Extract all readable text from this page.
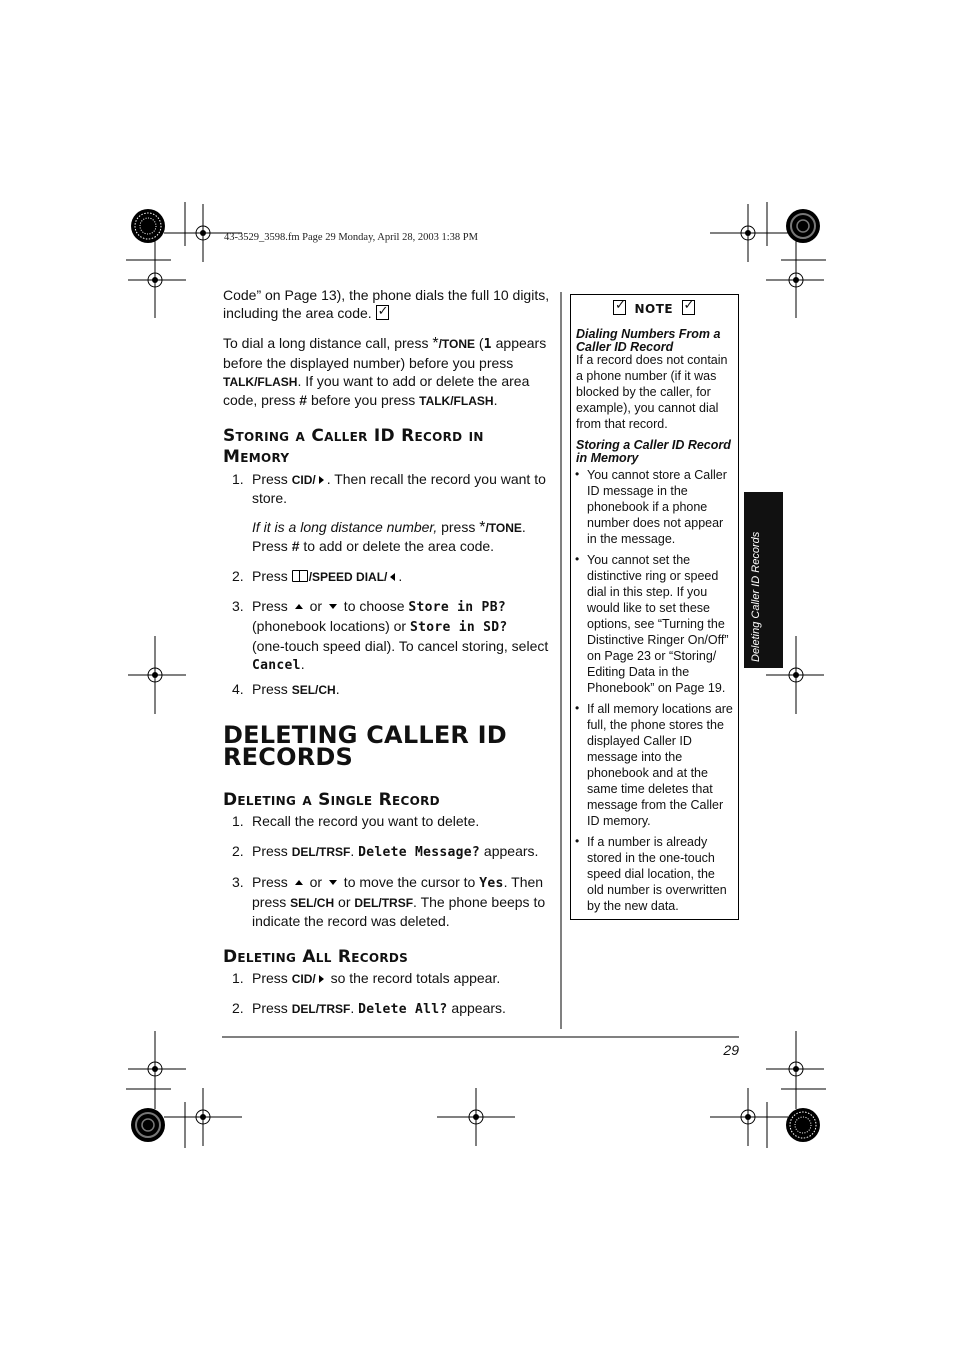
43-3529_3598.fm Page 29 Monday, April 28, 2003 1:38 PM
Code” on Page 13), the phone dials the full 10 digits, including the area code.✓
To dial a long distance call, press */TONE (1 appears before the displayed number) before you press TALK/FLASH. If you want to add or delete the area code, press # before you press TALK/FLASH.
Storing a Caller ID Record in
Memory
1. Press CID/ . Then recall the record you want to store.
If it is a long distance number, press */TONE. Press # to add or delete the area code.
2. Press /SPEED DIAL/ .
3. Press  or  to choose Store in PB?
(phonebook locations) or Store in SD?
(one-touch speed dial). To cancel storing, select Cancel.
4. Press SEL/CH.
DELETING CALLER ID
RECORDS
Deleting a Single Record
1. Recall the record you want to delete.
2. Press DEL/TRSF. Delete Message? appears.
3. Press  or  to move the cursor to Yes. Then press SEL/CH or DEL/TRSF. The phone beeps to indicate the record was deleted.
Deleting All Records
1. Press CID/ so the record totals appear.
2. Press DEL/TRSF. Delete All? appears.
✓ NOTE ✓
Dialing Numbers From a Caller ID Record
If a record does not contain a phone number (if it was blocked by the caller, for example), you cannot dial from that record.
Storing a Caller ID Record in Memory
• You cannot store a Caller ID message in the phonebook if a phone number does not appear in the message.
• You cannot set the distinctive ring or speed dial in this step. If you would like to set these options, see “Turning the Distinctive Ringer On/Off” on Page 23 or “Storing/ Editing Data in the Phonebook” on Page 19.
• If all memory locations are full, the phone stores the displayed Caller ID message into the phonebook and at the same time deletes that message from the Caller ID memory.
• If a number is already stored in the one-touch speed dial location, the old number is overwritten by the new data.
Deleting Caller ID Records
29
